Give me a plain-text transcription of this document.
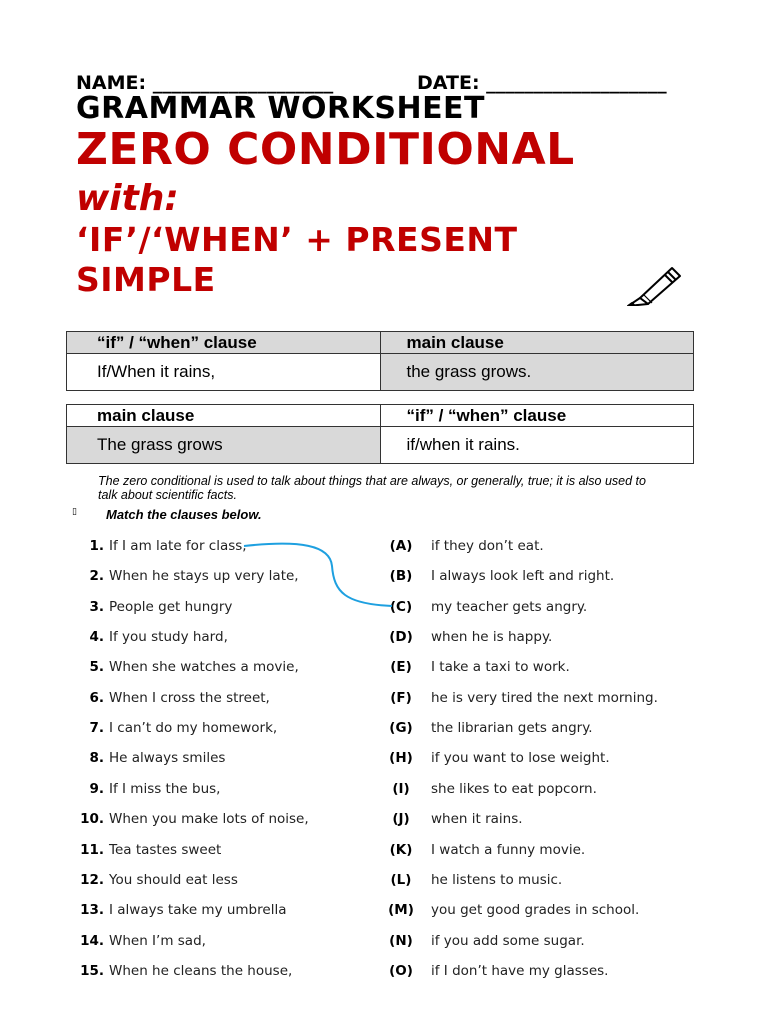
NAME: ___________________	DATE: ___________________
GRAMMAR WORKSHEET
ZERO CONDITIONAL
with:
‘IF’/‘WHEN’ + PRESENT SIMPLE
“if” / “when” clause	main clause
If/When it rains,	the grass grows.
main clause	“if” / “when” clause
The grass grows	if/when it rains.
The zero conditional is used to talk about things that are always, or generally, true; it is also used to talk about scientific facts.
▯ Match the clauses below.
1. If I am late for class,	(A) if they don’t eat.
2. When he stays up very late,	(B) I always look left and right.
3. People get hungry	(C) my teacher gets angry.
4. If you study hard,	(D) when he is happy.
5. When she watches a movie,	(E)	I take a taxi to work.
6. When I cross the street,	(F)	he is very tired the next morning.
7. I can’t do my homework,	(G) the librarian gets angry.
8. He always smiles	(H) if you want to lose weight.
9. If I miss the bus,	(I)	she likes to eat popcorn.
10. When you make lots of noise,	(J)	when it rains.
11. Tea tastes sweet	(K) I watch a funny movie.
12. You should eat less	(L)	he listens to music.
13. I always take my umbrella	(M) you get good grades in school.
14. When I’m sad,	(N) if you add some sugar.
15. When he cleans the house,	(O) if I don’t have my glasses.
